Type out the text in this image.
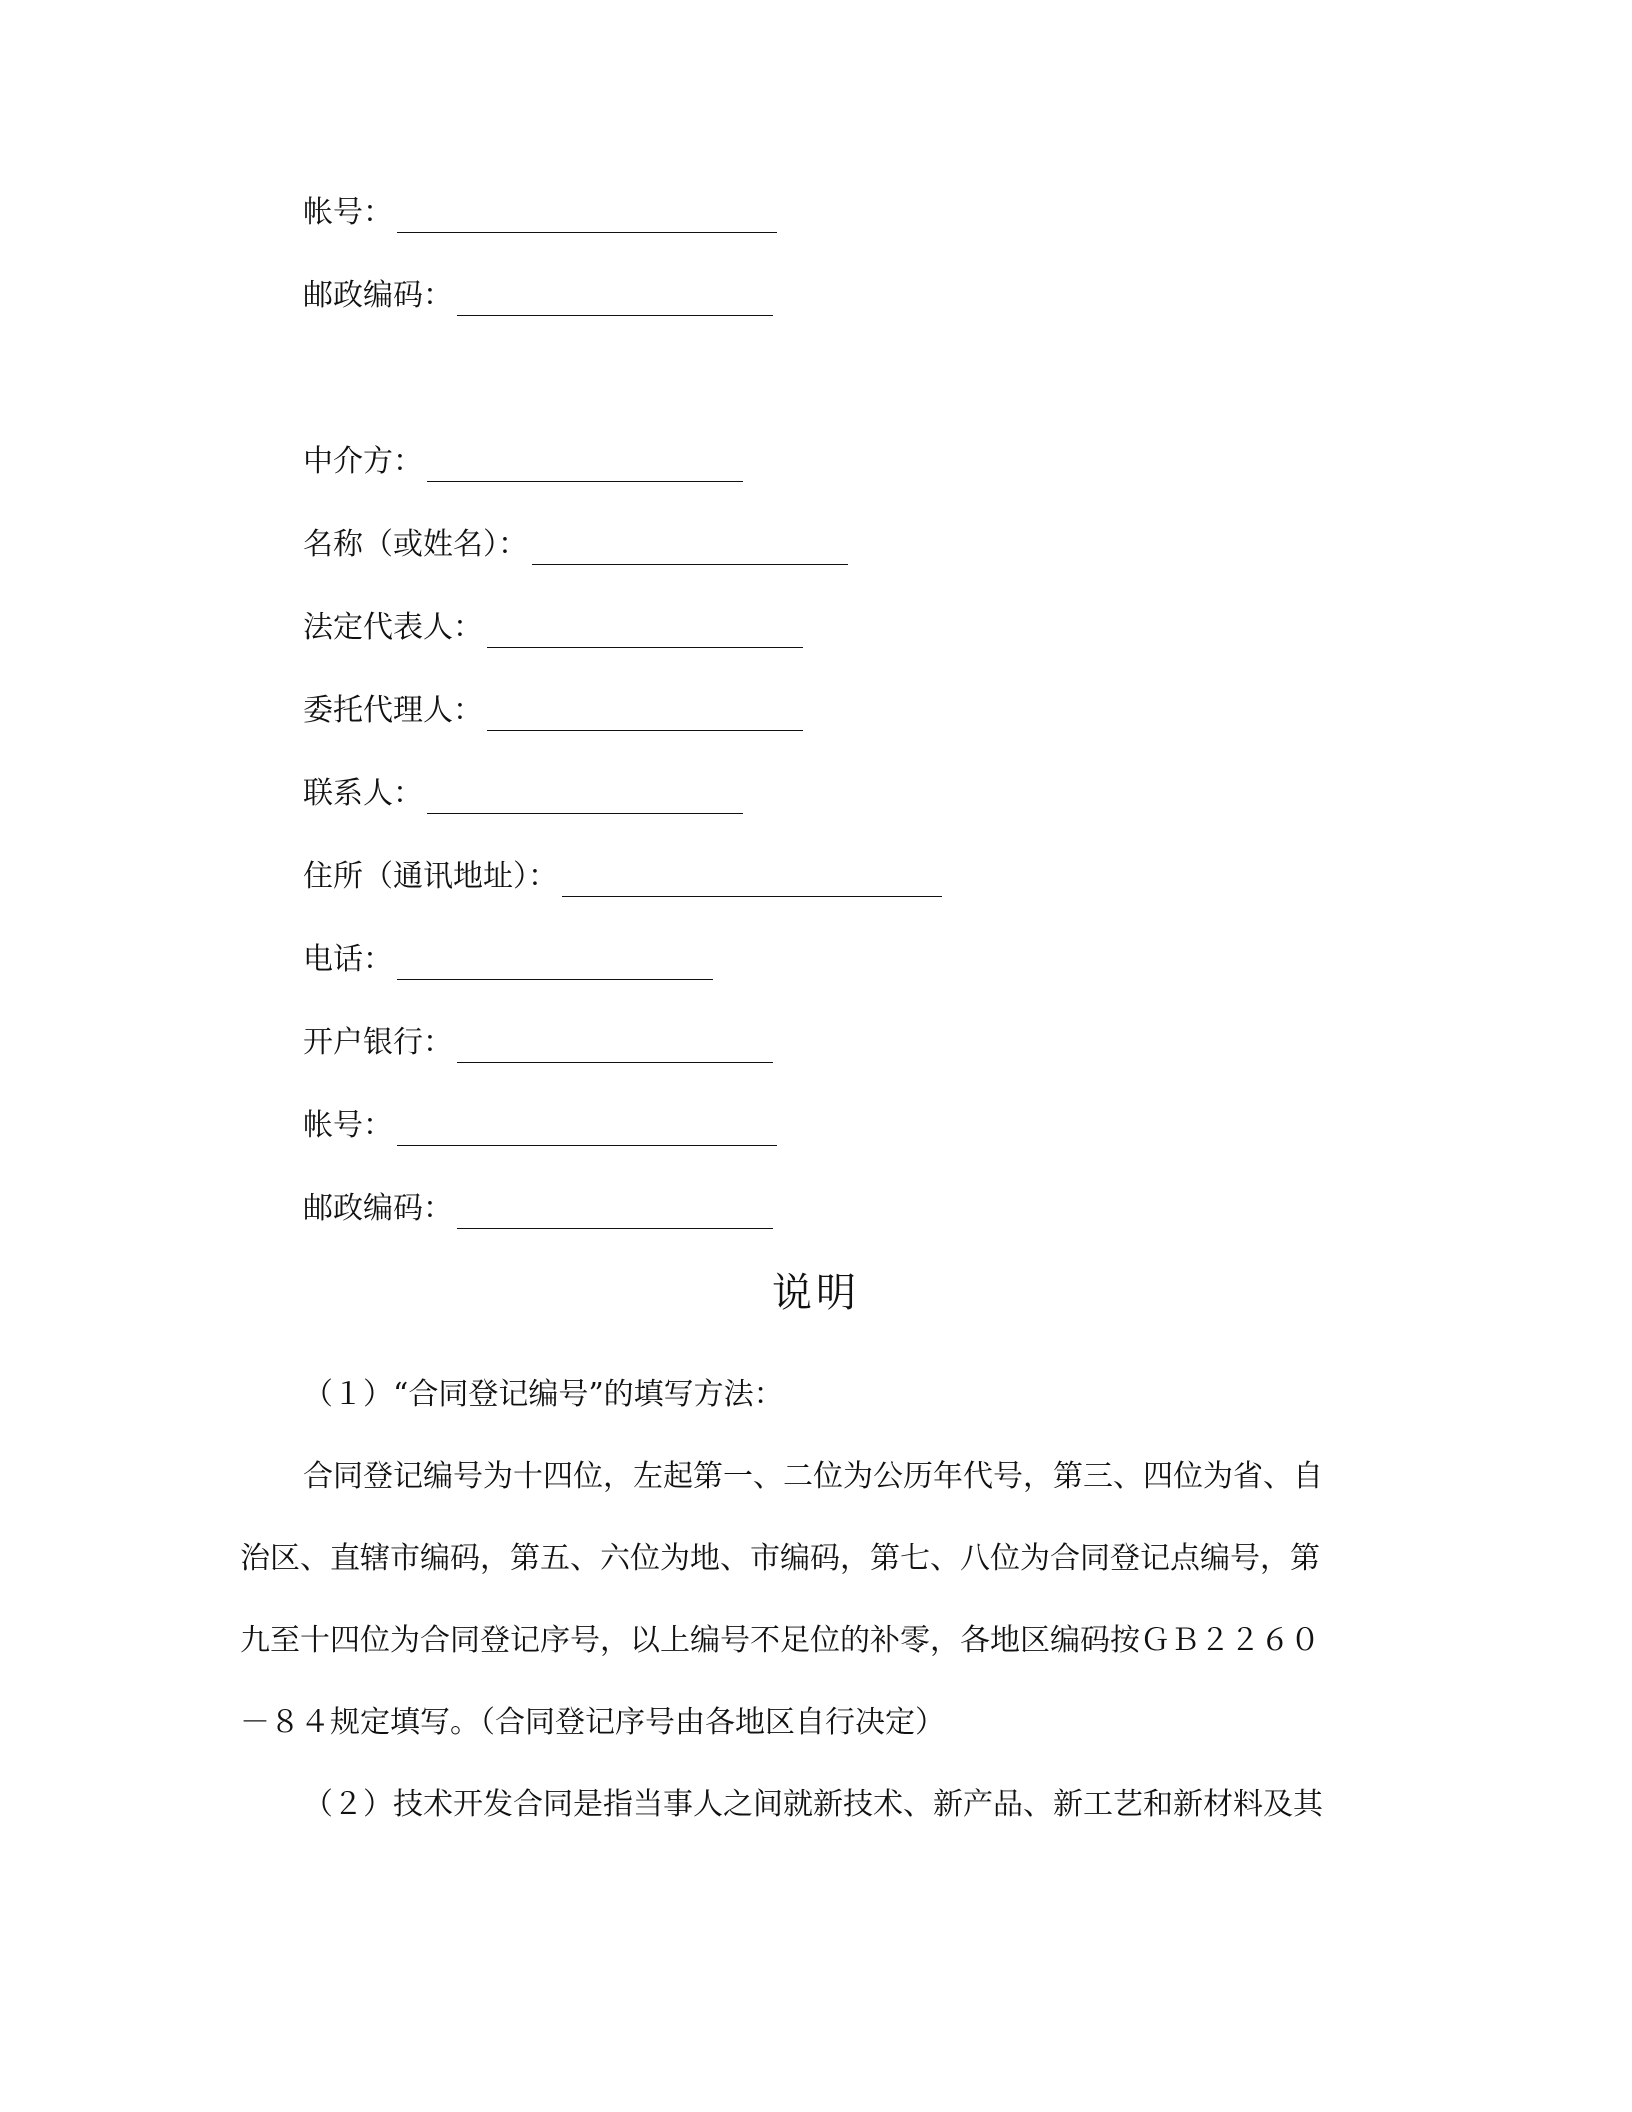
帐号：
邮政编码：
中介方：
名称（或姓名）：
法定代表人：
委托代理人：
联系人：
住所（通讯地址）：
电话：
开户银行：
帐号：
邮政编码：
说明
（１）“合同登记编号”的填写方法：
合同登记编号为十四位，左起第一、二位为公历年代号，第三、四位为省、自
治区、直辖市编码，第五、六位为地、市编码，第七、八位为合同登记点编号，第
九至十四位为合同登记序号，以上编号不足位的补零，各地区编码按ＧＢ２２６０
－８４规定填写。（合同登记序号由各地区自行决定）
（２）技术开发合同是指当事人之间就新技术、新产品、新工艺和新材料及其
